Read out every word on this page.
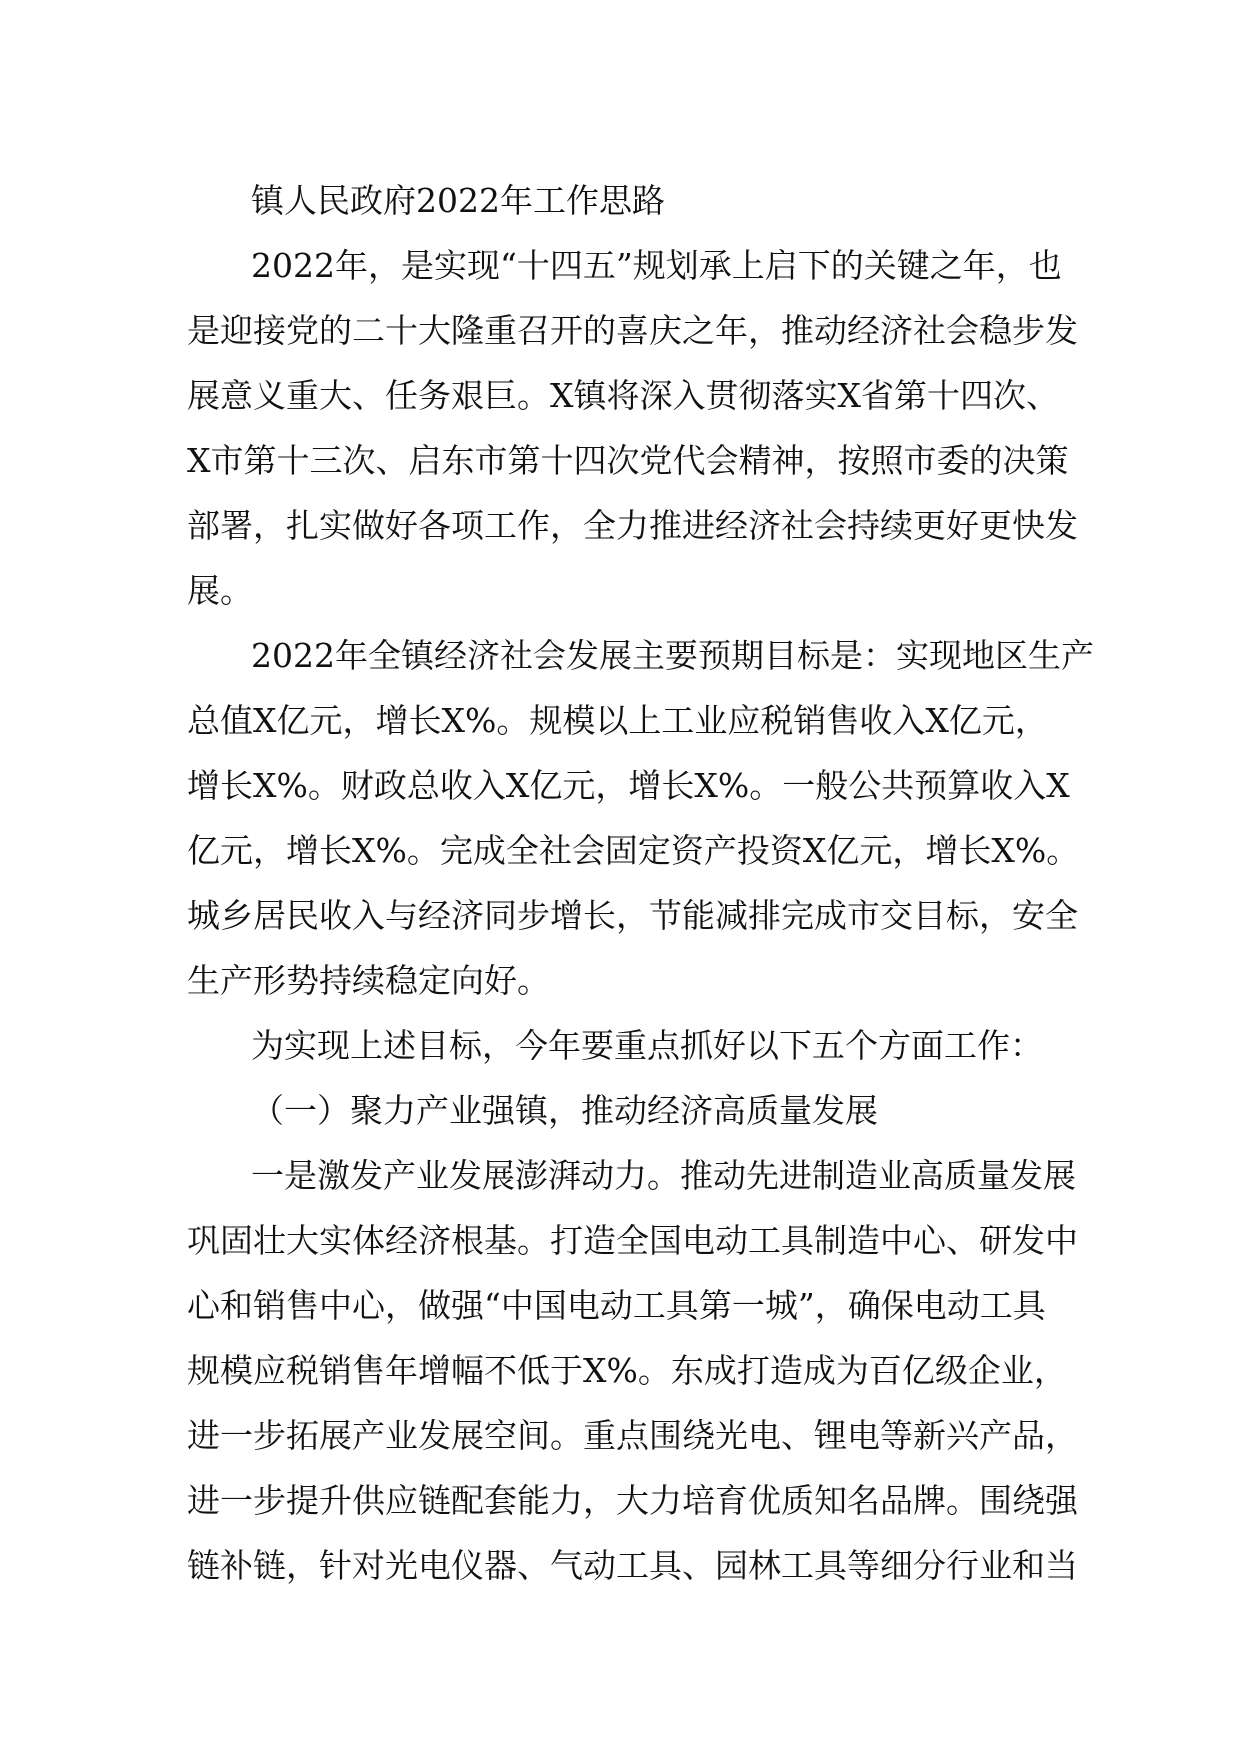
镇人民政府2022年工作思路

2022年，是实现“十四五”规划承上启下的关键之年，也
是迎接党的二十大隆重召开的喜庆之年，推动经济社会稳步发
展意义重大、任务艰巨。X镇将深入贯彻落实X省第十四次、
X市第十三次、启东市第十四次党代会精神，按照市委的决策
部署，扎实做好各项工作，全力推进经济社会持续更好更快发
展。

2022年全镇经济社会发展主要预期目标是：实现地区生产
总值X亿元，增长X%。规模以上工业应税销售收入X亿元，
增长X%。财政总收入X亿元，增长X%。一般公共预算收入X
亿元，增长X%。完成全社会固定资产投资X亿元，增长X%。
城乡居民收入与经济同步增长，节能减排完成市交目标，安全
生产形势持续稳定向好。

为实现上述目标，今年要重点抓好以下五个方面工作：

（一）聚力产业强镇，推动经济高质量发展

一是激发产业发展澎湃动力。推动先进制造业高质量发展
巩固壮大实体经济根基。打造全国电动工具制造中心、研发中
心和销售中心，做强“中国电动工具第一城”，确保电动工具
规模应税销售年增幅不低于X%。东成打造成为百亿级企业，
进一步拓展产业发展空间。重点围绕光电、锂电等新兴产品，
进一步提升供应链配套能力，大力培育优质知名品牌。围绕强
链补链，针对光电仪器、气动工具、园林工具等细分行业和当
